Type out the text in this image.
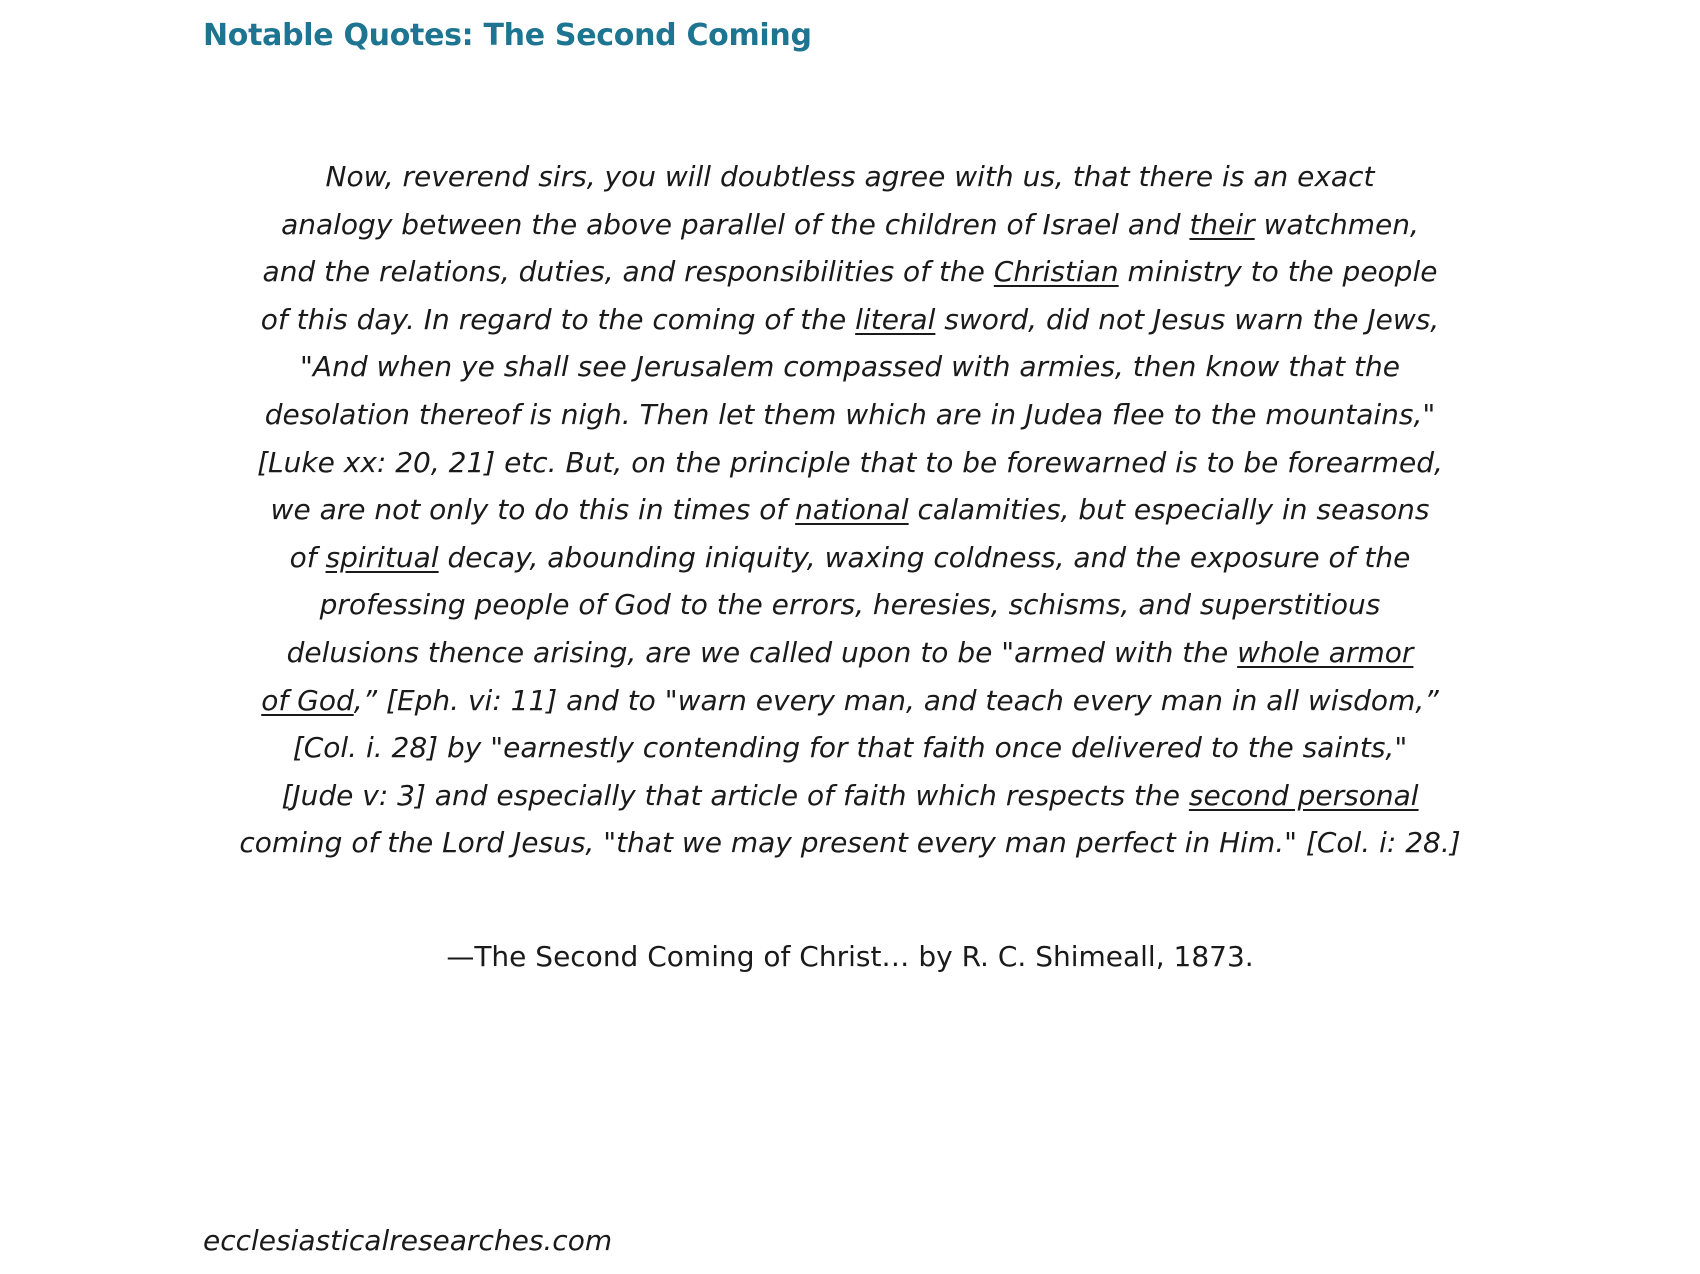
Notable Quotes: The Second Coming
Now, reverend sirs, you will doubtless agree with us, that there is an exact
analogy between the above parallel of the children of Israel and their watchmen,
and the relations, duties, and responsibilities of the Christian ministry to the people
of this day. In regard to the coming of the literal sword, did not Jesus warn the Jews,
"And when ye shall see Jerusalem compassed with armies, then know that the
desolation thereof is nigh. Then let them which are in Judea flee to the mountains,"
[Luke xx: 20, 21] etc. But, on the principle that to be forewarned is to be forearmed,
we are not only to do this in times of national calamities, but especially in seasons
of spiritual decay, abounding iniquity, waxing coldness, and the exposure of the
professing people of God to the errors, heresies, schisms, and superstitious
delusions thence arising, are we called upon to be "armed with the whole armor
of God,” [Eph. vi: 11] and to "warn every man, and teach every man in all wisdom,”
[Col. i. 28] by "earnestly contending for that faith once delivered to the saints,"
[Jude v: 3] and especially that article of faith which respects the second personal
coming of the Lord Jesus, "that we may present every man perfect in Him." [Col. i: 28.]
—The Second Coming of Christ… by R. C. Shimeall, 1873.
ecclesiasticalresearches.com
